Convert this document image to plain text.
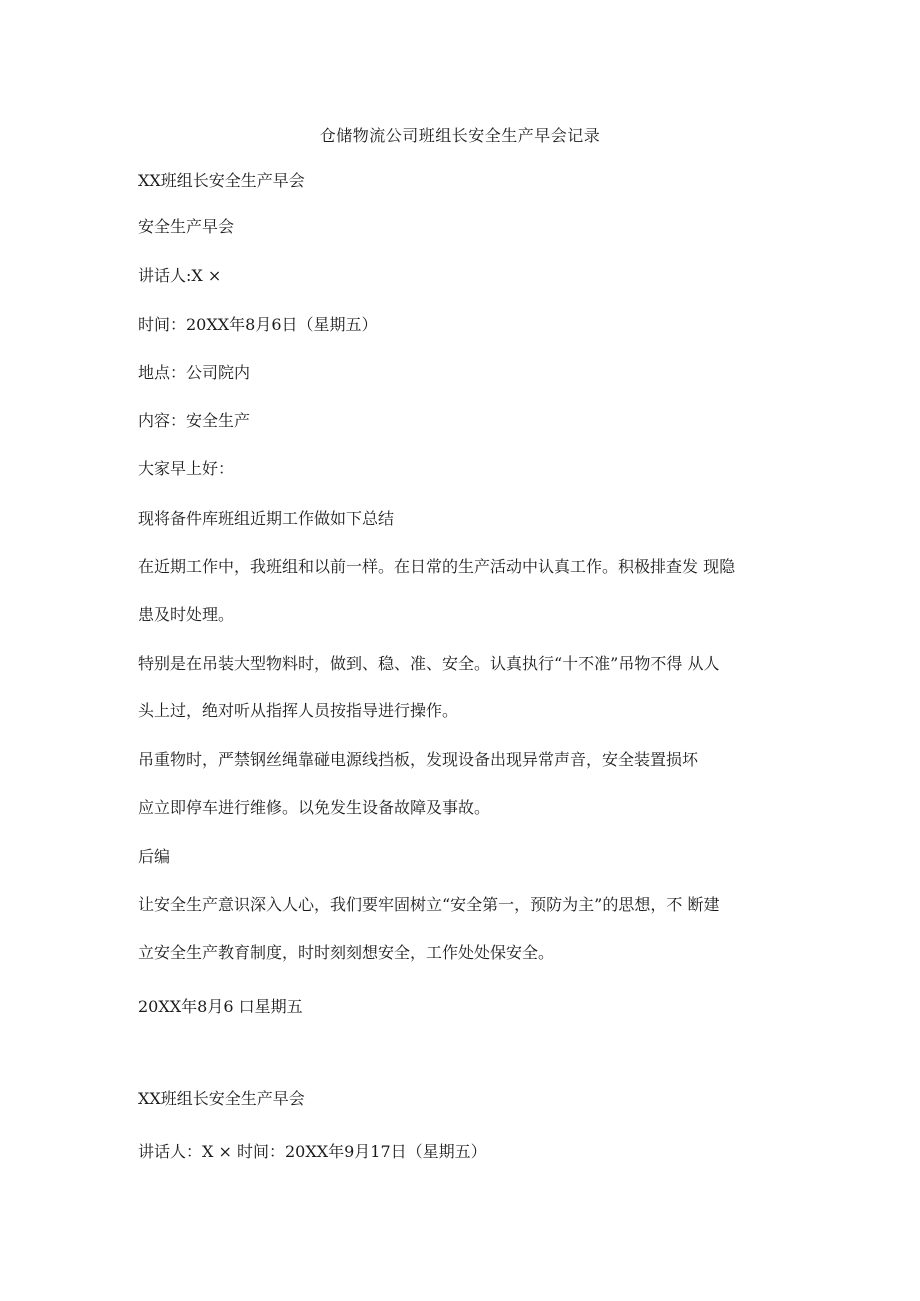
仓储物流公司班组长安全生产早会记录
XX班组长安全生产早会
安全生产早会
讲话人:X ×
时间：20XX年8月6日（星期五）
地点：公司院内
内容：安全生产
大家早上好：
现将备件库班组近期工作做如下总结
在近期工作中，我班组和以前一样。在日常的生产活动中认真工作。积极排查发 现隐
患及时处理。
特别是在吊装大型物料时，做到、稳、准、安全。认真执行“十不准”吊物不得 从人
头上过，绝对听从指挥人员按指导进行操作。
吊重物时，严禁钢丝绳靠碰电源线挡板，发现设备出现异常声音，安全装置损坏
应立即停车进行维修。以免发生设备故障及事故。
后编
让安全生产意识深入人心，我们要牢固树立“安全第一，预防为主”的思想，不 断建
立安全生产教育制度，时时刻刻想安全，工作处处保安全。
20XX年8月6 口星期五
XX班组长安全生产早会
讲话人：X × 时间：20XX年9月17日（星期五）
